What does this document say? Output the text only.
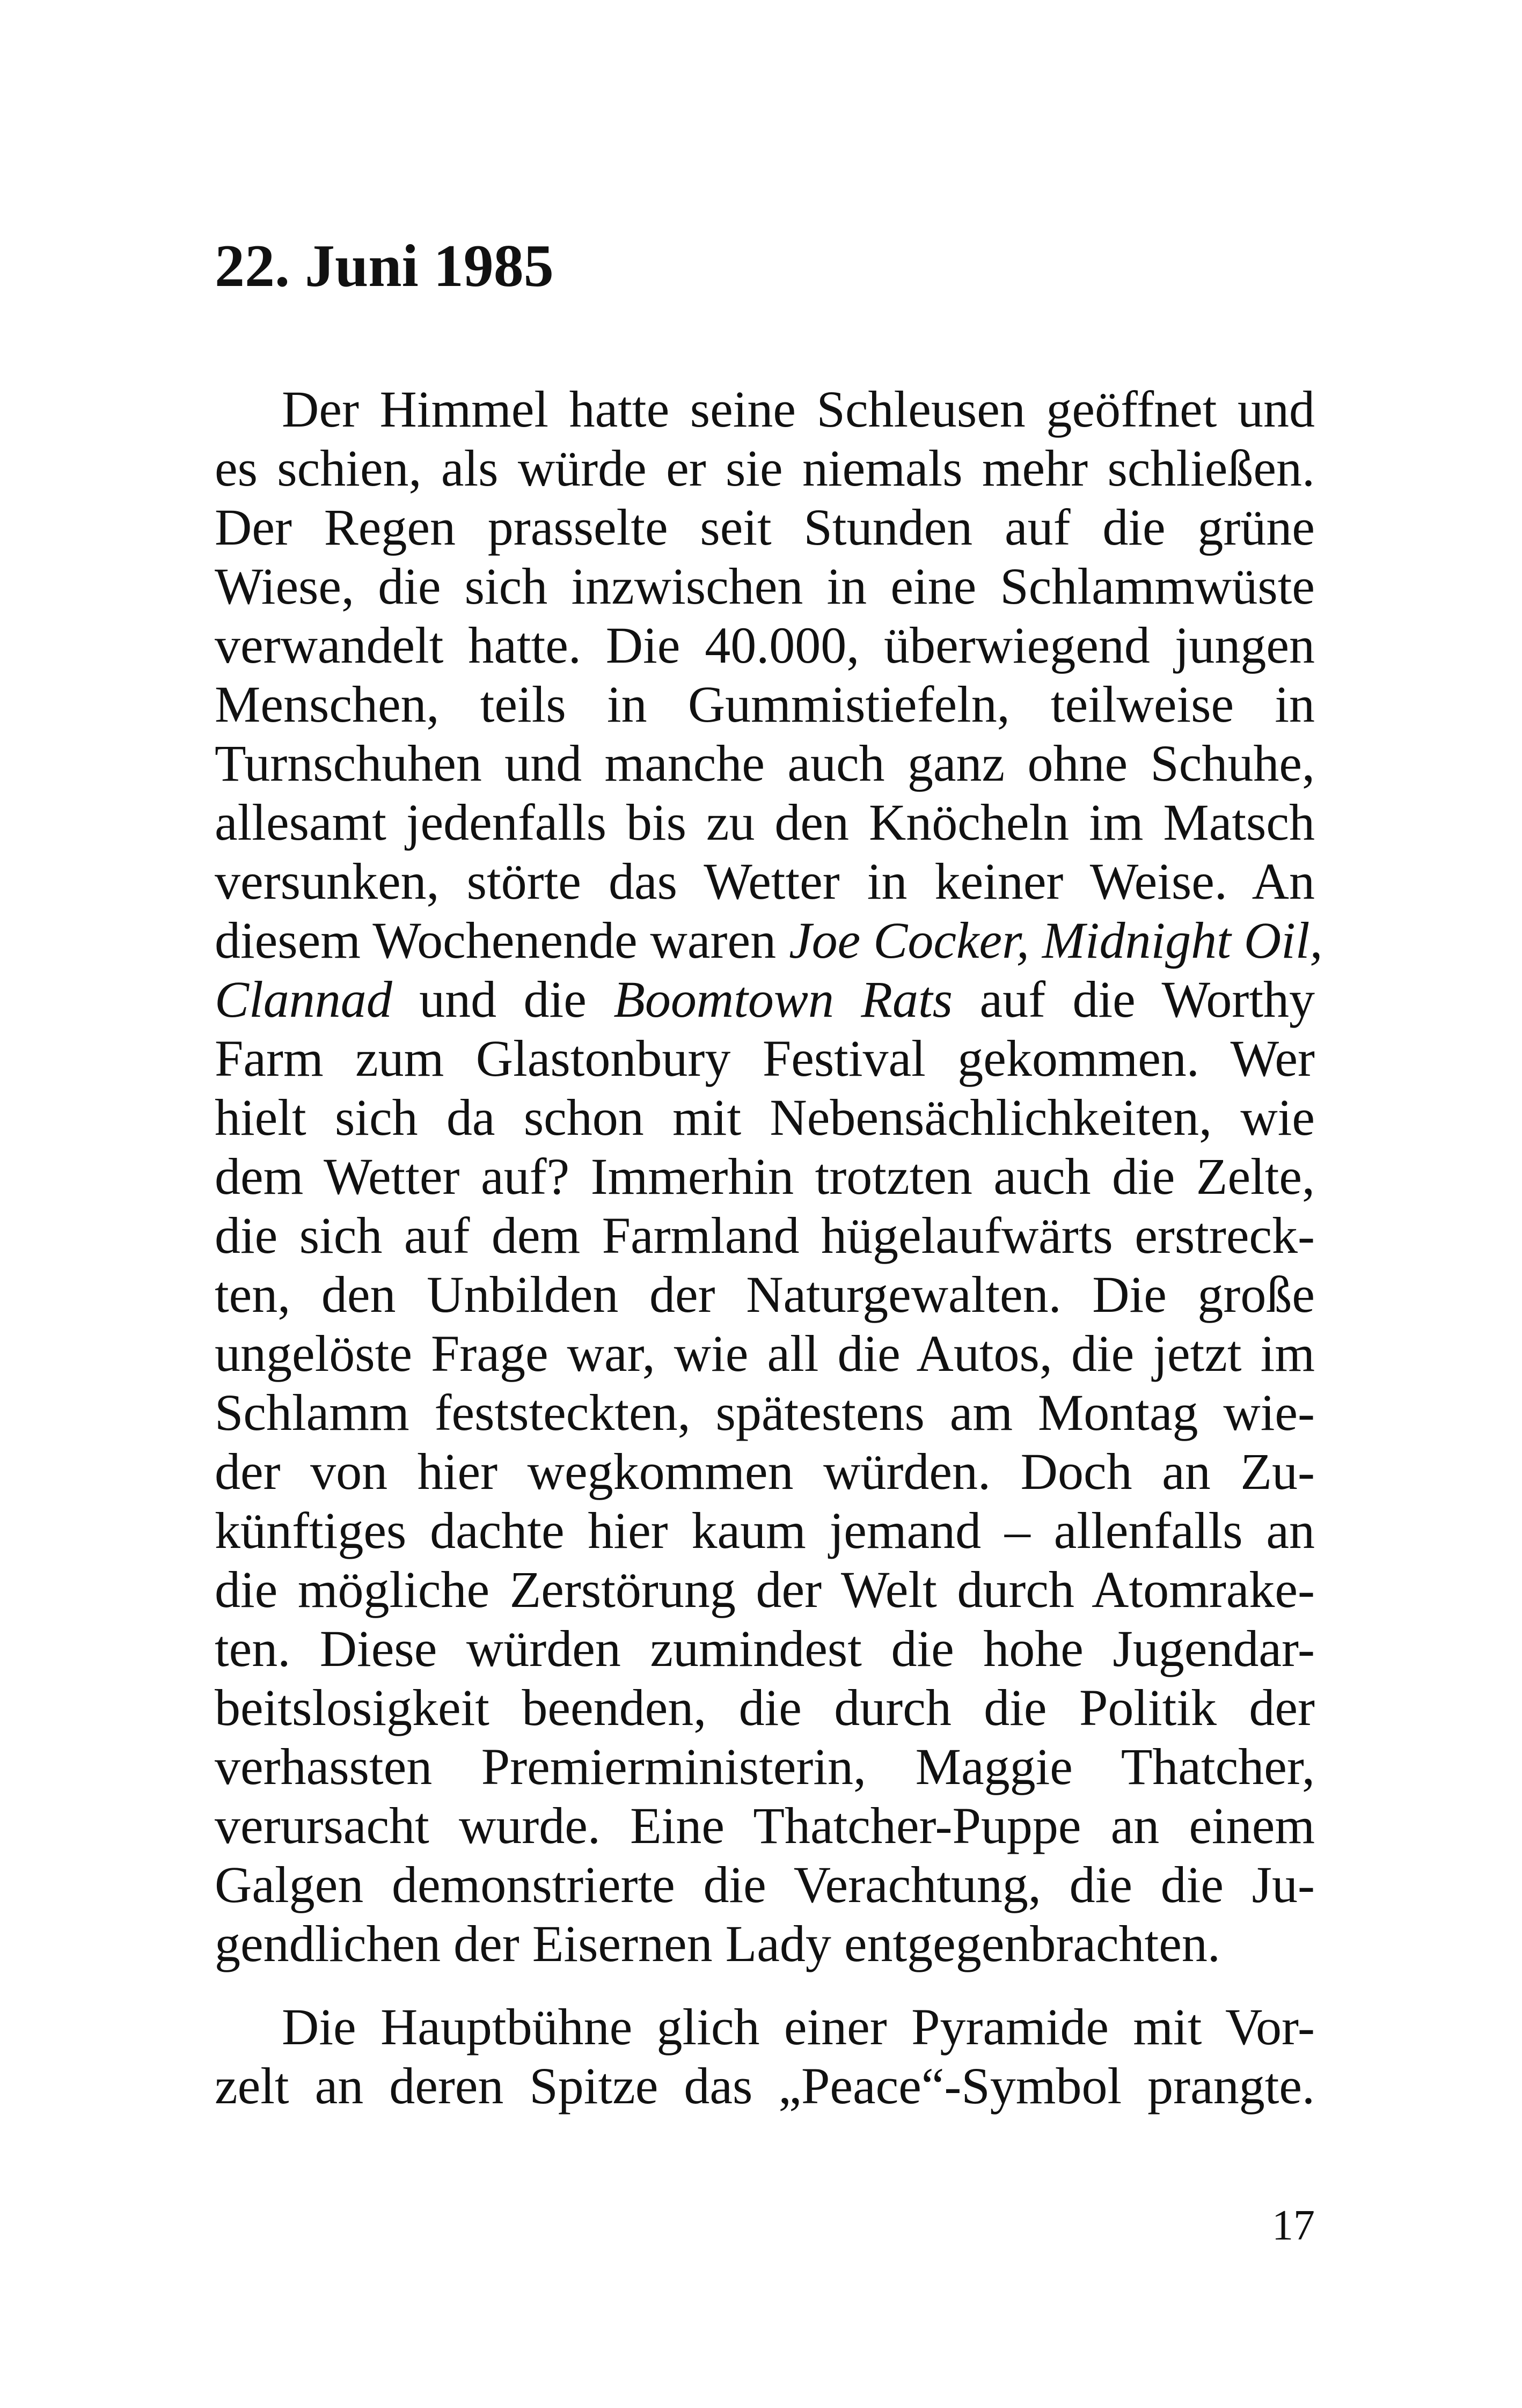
22. Juni 1985
Der Himmel hatte seine Schleusen geöffnet und
es schien, als würde er sie niemals mehr schließen.
Der Regen prasselte seit Stunden auf die grüne
Wiese, die sich inzwischen in eine Schlammwüste
verwandelt hatte. Die 40.000, überwiegend jungen
Menschen, teils in Gummistiefeln, teilweise in
Turnschuhen und manche auch ganz ohne Schuhe,
allesamt jedenfalls bis zu den Knöcheln im Matsch
versunken, störte das Wetter in keiner Weise. An
diesem Wochenende waren Joe Cocker, Midnight Oil,
Clannad und die Boomtown Rats auf die Worthy
Farm zum Glastonbury Festival gekommen. Wer
hielt sich da schon mit Nebensächlichkeiten, wie
dem Wetter auf? Immerhin trotzten auch die Zelte,
die sich auf dem Farmland hügelaufwärts erstreck-
ten, den Unbilden der Naturgewalten. Die große
ungelöste Frage war, wie all die Autos, die jetzt im
Schlamm feststeckten, spätestens am Montag wie-
der von hier wegkommen würden. Doch an Zu-
künftiges dachte hier kaum jemand – allenfalls an
die mögliche Zerstörung der Welt durch Atomrake-
ten. Diese würden zumindest die hohe Jugendar-
beitslosigkeit beenden, die durch die Politik der
verhassten Premierministerin, Maggie Thatcher,
verursacht wurde. Eine Thatcher-Puppe an einem
Galgen demonstrierte die Verachtung, die die Ju-
gendlichen der Eisernen Lady entgegenbrachten.
Die Hauptbühne glich einer Pyramide mit Vor-
zelt an deren Spitze das „Peace“-Symbol prangte.
17
